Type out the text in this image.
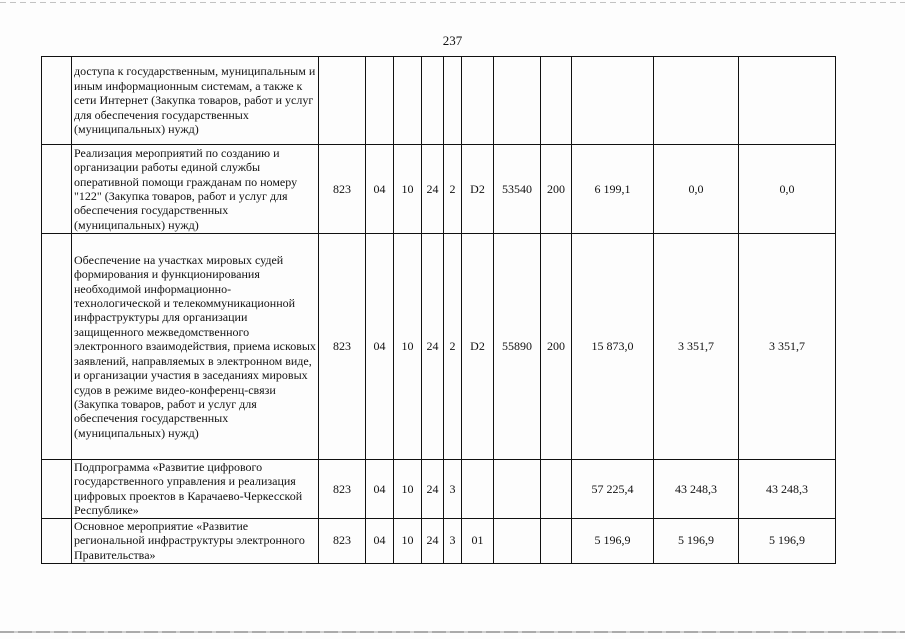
237
	доступа к государственным, муниципальным и иным информационным системам, а также к сети Интернет (Закупка товаров, работ и услуг для обеспечения государственных (муниципальных) нужд)											
	Реализация мероприятий по созданию и организации работы единой службы оперативной помощи гражданам по номеру "122" (Закупка товаров, работ и услуг для обеспечения государственных (муниципальных) нужд)	823	04	10	24	2	D2	53540	200	6 199,1	0,0	0,0
	Обеспечение на участках мировых судей формирования и функционирования необходимой информационно-технологической и телекоммуникационной инфраструктуры для организации защищенного межведомственного электронного взаимодействия, приема исковых заявлений, направляемых в электронном виде, и организации участия в заседаниях мировых судов в режиме видео-конференц-связи (Закупка товаров, работ и услуг для обеспечения государственных (муниципальных) нужд)	823	04	10	24	2	D2	55890	200	15 873,0	3 351,7	3 351,7
	Подпрограмма «Развитие цифрового государственного управления и реализация цифровых проектов в Карачаево-Черкесской Республике»	823	04	10	24	3				57 225,4	43 248,3	43 248,3
	Основное мероприятие «Развитие региональной инфраструктуры электронного Правительства»	823	04	10	24	3	01			5 196,9	5 196,9	5 196,9
